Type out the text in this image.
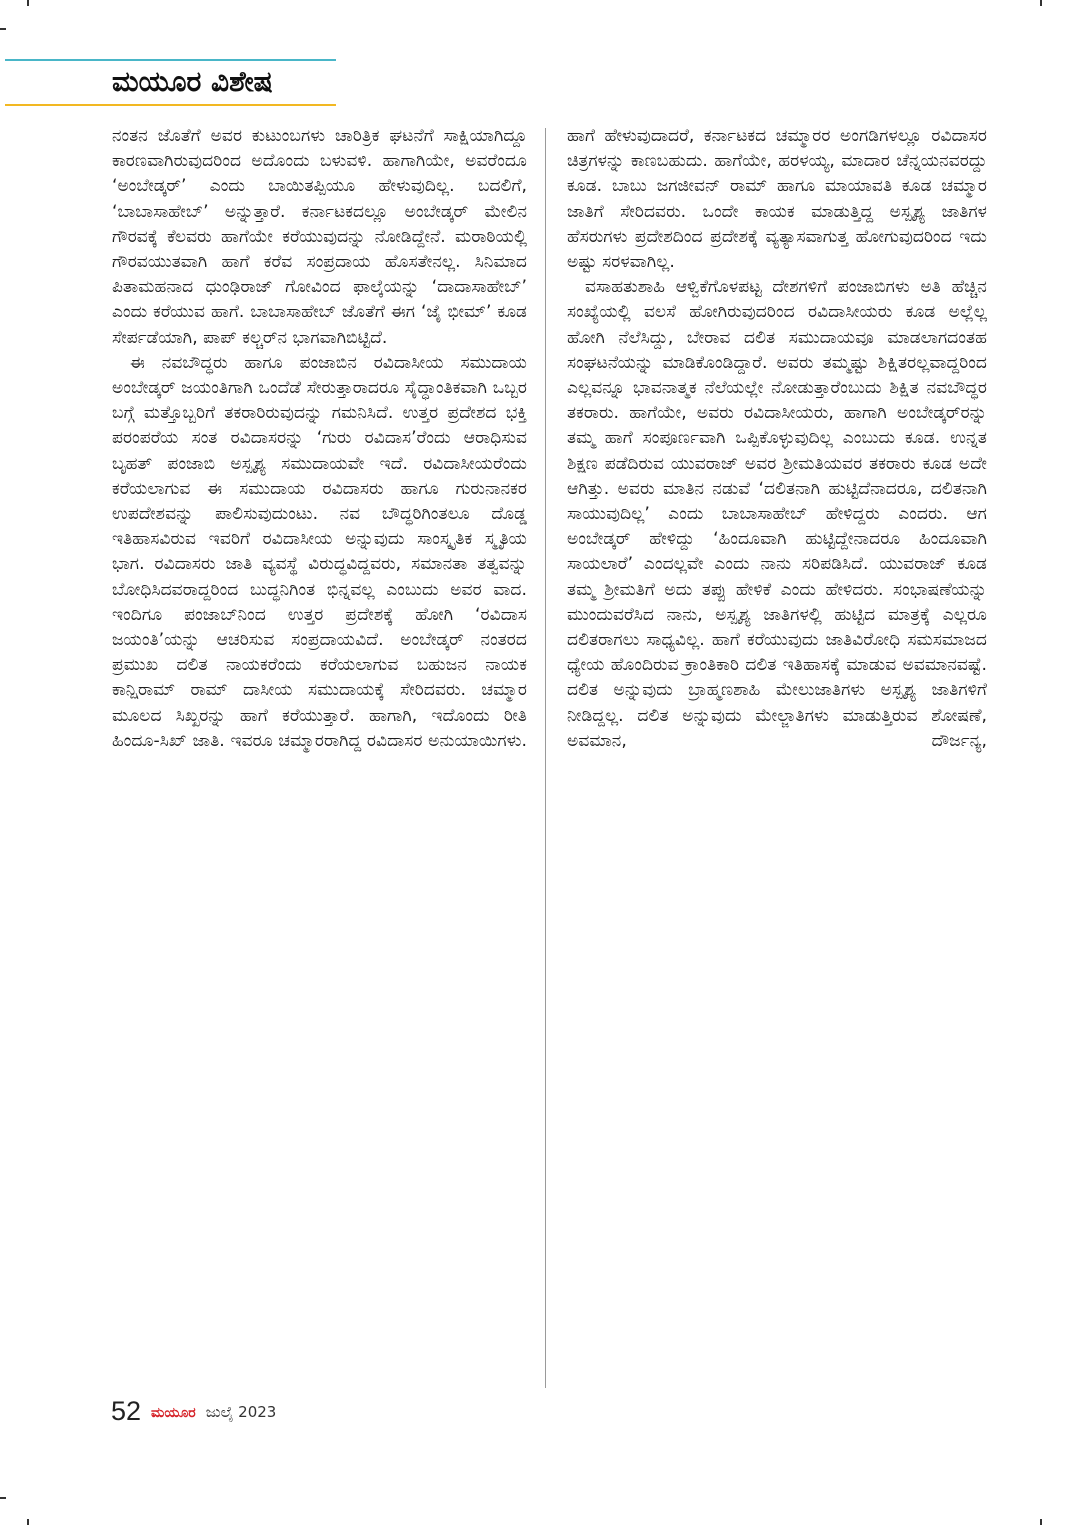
ಮಯೂರ ವಿಶೇಷ

ನಂತನ ಜೊತೆಗೆ ಅವರ ಕುಟುಂಬಗಳು ಚಾರಿತ್ರಿಕ ಘಟನೆಗೆ ಸಾಕ್ಷಿಯಾಗಿದ್ದೂ ಕಾರಣವಾಗಿರುವುದರಿಂದ ಅದೊಂದು ಬಳುವಳಿ. ಹಾಗಾಗಿಯೇ, ಅವರೆಂದೂ ‘ಅಂಬೇಡ್ಕರ್’ ಎಂದು ಬಾಯಿತಪ್ಪಿಯೂ ಹೇಳುವುದಿಲ್ಲ. ಬದಲಿಗೆ, ‘ಬಾಬಾಸಾಹೇಬ್’ ಅನ್ನುತ್ತಾರೆ. ಕರ್ನಾಟಕದಲ್ಲೂ ಅಂಬೇಡ್ಕರ್ ಮೇಲಿನ ಗೌರವಕ್ಕೆ ಕೆಲವರು ಹಾಗೆಯೇ ಕರೆಯುವುದನ್ನು ನೋಡಿದ್ದೇನೆ. ಮರಾಠಿಯಲ್ಲಿ ಗೌರವಯುತವಾಗಿ ಹಾಗೆ ಕರೆವ ಸಂಪ್ರದಾಯ ಹೊಸತೇನಲ್ಲ. ಸಿನಿಮಾದ ಪಿತಾಮಹನಾದ ಧುಂಢಿರಾಜ್ ಗೋವಿಂದ ಫಾಲ್ಕೆಯನ್ನು ‘ದಾದಾಸಾಹೇಬ್’ ಎಂದು ಕರೆಯುವ ಹಾಗೆ. ಬಾಬಾಸಾಹೇಬ್ ಜೊತೆಗೆ ಈಗ ‘ಜೈ ಭೀಮ್’ ಕೂಡ ಸೇರ್ಪಡೆಯಾಗಿ, ಪಾಪ್ ಕಲ್ಚರ್‌ನ ಭಾಗವಾಗಿಬಿಟ್ಟಿದೆ.

ಈ ನವಬೌದ್ಧರು ಹಾಗೂ ಪಂಜಾಬಿನ ರವಿದಾಸೀಯ ಸಮುದಾಯ ಅಂಬೇಡ್ಕರ್ ಜಯಂತಿಗಾಗಿ ಒಂದೆಡೆ ಸೇರುತ್ತಾರಾದರೂ ಸೈದ್ಧಾಂತಿಕವಾಗಿ ಒಬ್ಬರ ಬಗ್ಗೆ ಮತ್ತೊಬ್ಬರಿಗೆ ತಕರಾರಿರುವುದನ್ನು ಗಮನಿಸಿದೆ. ಉತ್ತರ ಪ್ರದೇಶದ ಭಕ್ತಿ ಪರಂಪರೆಯ ಸಂತ ರವಿದಾಸರನ್ನು ‘ಗುರು ರವಿದಾಸ’ರೆಂದು ಆರಾಧಿಸುವ ಬೃಹತ್ ಪಂಜಾಬಿ ಅಸ್ಪೃಶ್ಯ ಸಮುದಾಯವೇ ಇದೆ. ರವಿದಾಸೀಯರೆಂದು ಕರೆಯಲಾಗುವ ಈ ಸಮುದಾಯ ರವಿದಾಸರು ಹಾಗೂ ಗುರುನಾನಕರ ಉಪದೇಶವನ್ನು ಪಾಲಿಸುವುದುಂಟು. ನವ ಬೌದ್ಧರಿಗಿಂತಲೂ ದೊಡ್ಡ ಇತಿಹಾಸವಿರುವ ಇವರಿಗೆ ರವಿದಾಸೀಯ ಅನ್ನುವುದು ಸಾಂಸ್ಕೃತಿಕ ಸ್ಮೃತಿಯ ಭಾಗ. ರವಿದಾಸರು ಜಾತಿ ವ್ಯವಸ್ಥೆ ವಿರುದ್ಧವಿದ್ದವರು, ಸಮಾನತಾ ತತ್ವವನ್ನು ಬೋಧಿಸಿದವರಾದ್ದರಿಂದ ಬುದ್ಧನಿಗಿಂತ ಭಿನ್ನವಲ್ಲ ಎಂಬುದು ಅವರ ವಾದ. ಇಂದಿಗೂ ಪಂಜಾಬ್‌ನಿಂದ ಉತ್ತರ ಪ್ರದೇಶಕ್ಕೆ ಹೋಗಿ ‘ರವಿದಾಸ ಜಯಂತಿ’ಯನ್ನು ಆಚರಿಸುವ ಸಂಪ್ರದಾಯವಿದೆ. ಅಂಬೇಡ್ಕರ್ ನಂತರದ ಪ್ರಮುಖ ದಲಿತ ನಾಯಕರೆಂದು ಕರೆಯಲಾಗುವ ಬಹುಜನ ನಾಯಕ ಕಾನ್ಷಿರಾಮ್ ರಾಮ್ ದಾಸೀಯ ಸಮುದಾಯಕ್ಕೆ ಸೇರಿದವರು. ಚಮ್ಮಾರ ಮೂಲದ ಸಿಖ್ಖರನ್ನು ಹಾಗೆ ಕರೆಯುತ್ತಾರೆ. ಹಾಗಾಗಿ, ಇದೊಂದು ರೀತಿ ಹಿಂದೂ-ಸಿಖ್ ಜಾತಿ. ಇವರೂ ಚಮ್ಮಾರರಾಗಿದ್ದ ರವಿದಾಸರ ಅನುಯಾಯಿಗಳು.

ಹಾಗೆ ಹೇಳುವುದಾದರೆ, ಕರ್ನಾಟಕದ ಚಮ್ಮಾರರ ಅಂಗಡಿಗಳಲ್ಲೂ ರವಿದಾಸರ ಚಿತ್ರಗಳನ್ನು ಕಾಣಬಹುದು. ಹಾಗೆಯೇ, ಹರಳಯ್ಯ, ಮಾದಾರ ಚೆನ್ನಯನವರದ್ದು ಕೂಡ. ಬಾಬು ಜಗಜೀವನ್ ರಾಮ್ ಹಾಗೂ ಮಾಯಾವತಿ ಕೂಡ ಚಮ್ಮಾರ ಜಾತಿಗೆ ಸೇರಿದವರು. ಒಂದೇ ಕಾಯಕ ಮಾಡುತ್ತಿದ್ದ ಅಸ್ಪೃಶ್ಯ ಜಾತಿಗಳ ಹೆಸರುಗಳು ಪ್ರದೇಶದಿಂದ ಪ್ರದೇಶಕ್ಕೆ ವ್ಯತ್ಯಾಸವಾಗುತ್ತ ಹೋಗುವುದರಿಂದ ಇದು ಅಷ್ಟು ಸರಳವಾಗಿಲ್ಲ.

ವಸಾಹತುಶಾಹಿ ಆಳ್ವಿಕೆಗೊಳಪಟ್ಟ ದೇಶಗಳಿಗೆ ಪಂಜಾಬಿಗಳು ಅತಿ ಹೆಚ್ಚಿನ ಸಂಖ್ಯೆಯಲ್ಲಿ ವಲಸೆ ಹೋಗಿರುವುದರಿಂದ ರವಿದಾಸೀಯರು ಕೂಡ ಅಲ್ಲೆಲ್ಲ ಹೋಗಿ ನೆಲೆಸಿದ್ದು, ಬೇರಾವ ದಲಿತ ಸಮುದಾಯವೂ ಮಾಡಲಾಗದಂತಹ ಸಂಘಟನೆಯನ್ನು ಮಾಡಿಕೊಂಡಿದ್ದಾರೆ. ಅವರು ತಮ್ಮಷ್ಟು ಶಿಕ್ಷಿತರಲ್ಲವಾದ್ದರಿಂದ ಎಲ್ಲವನ್ನೂ ಭಾವನಾತ್ಮಕ ನೆಲೆಯಲ್ಲೇ ನೋಡುತ್ತಾರೆಂಬುದು ಶಿಕ್ಷಿತ ನವಬೌದ್ಧರ ತಕರಾರು. ಹಾಗೆಯೇ, ಅವರು ರವಿದಾಸೀಯರು, ಹಾಗಾಗಿ ಅಂಬೇಡ್ಕರ್‌ರನ್ನು ತಮ್ಮ ಹಾಗೆ ಸಂಪೂರ್ಣವಾಗಿ ಒಪ್ಪಿಕೊಳ್ಳುವುದಿಲ್ಲ ಎಂಬುದು ಕೂಡ. ಉನ್ನತ ಶಿಕ್ಷಣ ಪಡೆದಿರುವ ಯುವರಾಜ್ ಅವರ ಶ್ರೀಮತಿಯವರ ತಕರಾರು ಕೂಡ ಅದೇ ಆಗಿತ್ತು. ಅವರು ಮಾತಿನ ನಡುವೆ ‘ದಲಿತನಾಗಿ ಹುಟ್ಟಿದೆನಾದರೂ, ದಲಿತನಾಗಿ ಸಾಯುವುದಿಲ್ಲ’ ಎಂದು ಬಾಬಾಸಾಹೇಬ್ ಹೇಳಿದ್ದರು ಎಂದರು. ಆಗ ಅಂಬೇಡ್ಕರ್ ಹೇಳಿದ್ದು ‘ಹಿಂದೂವಾಗಿ ಹುಟ್ಟಿದ್ದೇನಾದರೂ ಹಿಂದೂವಾಗಿ ಸಾಯಲಾರೆ’ ಎಂದಲ್ಲವೇ ಎಂದು ನಾನು ಸರಿಪಡಿಸಿದೆ. ಯುವರಾಜ್ ಕೂಡ ತಮ್ಮ ಶ್ರೀಮತಿಗೆ ಅದು ತಪ್ಪು ಹೇಳಿಕೆ ಎಂದು ಹೇಳಿದರು. ಸಂಭಾಷಣೆಯನ್ನು ಮುಂದುವರೆಸಿದ ನಾನು, ಅಸ್ಪೃಶ್ಯ ಜಾತಿಗಳಲ್ಲಿ ಹುಟ್ಟಿದ ಮಾತ್ರಕ್ಕೆ ಎಲ್ಲರೂ ದಲಿತರಾಗಲು ಸಾಧ್ಯವಿಲ್ಲ. ಹಾಗೆ ಕರೆಯುವುದು ಜಾತಿವಿರೋಧಿ ಸಮಸಮಾಜದ ಧ್ಯೇಯ ಹೊಂದಿರುವ ಕ್ರಾಂತಿಕಾರಿ ದಲಿತ ಇತಿಹಾಸಕ್ಕೆ ಮಾಡುವ ಅವಮಾನವಷ್ಟೆ. ದಲಿತ ಅನ್ನುವುದು ಬ್ರಾಹ್ಮಣಶಾಹಿ ಮೇಲುಜಾತಿಗಳು ಅಸ್ಪೃಶ್ಯ ಜಾತಿಗಳಿಗೆ ನೀಡಿದ್ದಲ್ಲ. ದಲಿತ ಅನ್ನುವುದು ಮೇಲ್ಜಾತಿಗಳು ಮಾಡುತ್ತಿರುವ ಶೋಷಣೆ, ಅವಮಾನ, ದೌರ್ಜನ್ಯ,

52 ಮಯೂರ ಜುಲೈ 2023
